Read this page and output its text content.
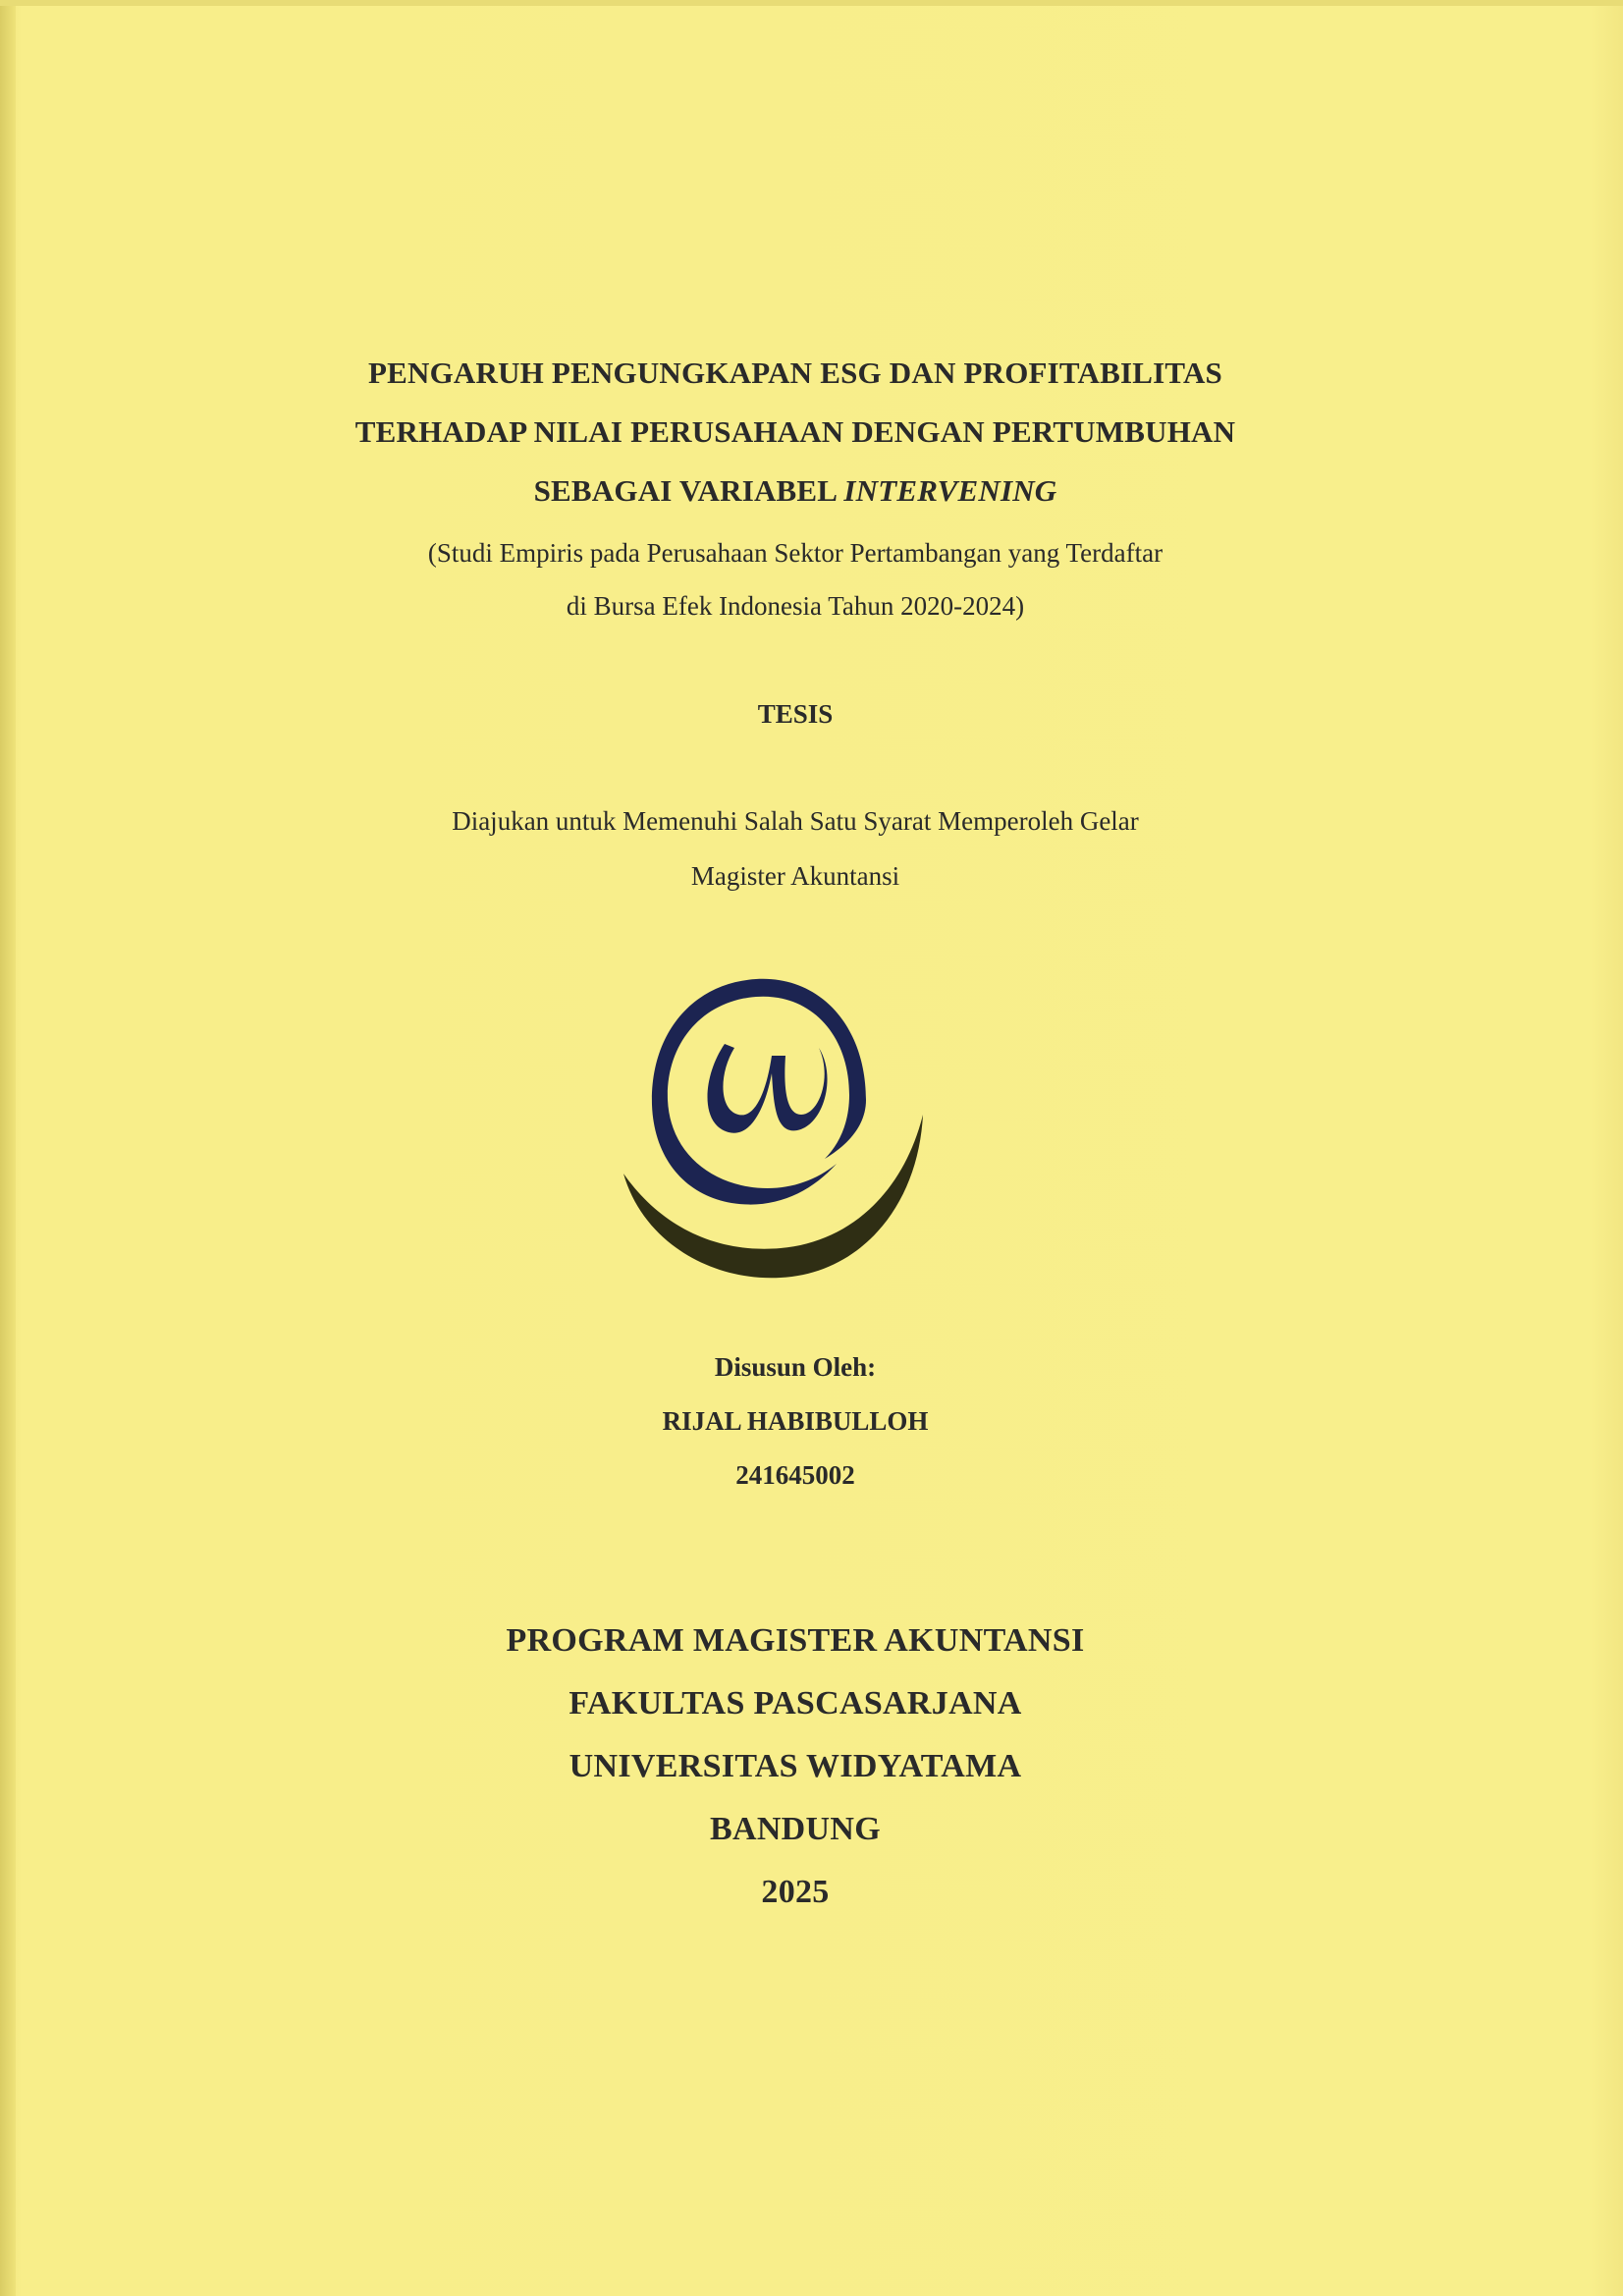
PENGARUH PENGUNGKAPAN ESG DAN PROFITABILITAS
TERHADAP NILAI PERUSAHAAN DENGAN PERTUMBUHAN
SEBAGAI VARIABEL INTERVENING
(Studi Empiris pada Perusahaan Sektor Pertambangan yang Terdaftar
di Bursa Efek Indonesia Tahun 2020-2024)
TESIS
Diajukan untuk Memenuhi Salah Satu Syarat Memperoleh Gelar
Magister Akuntansi
Disusun Oleh:
RIJAL HABIBULLOH
241645002
PROGRAM MAGISTER AKUNTANSI
FAKULTAS PASCASARJANA
UNIVERSITAS WIDYATAMA
BANDUNG
2025
